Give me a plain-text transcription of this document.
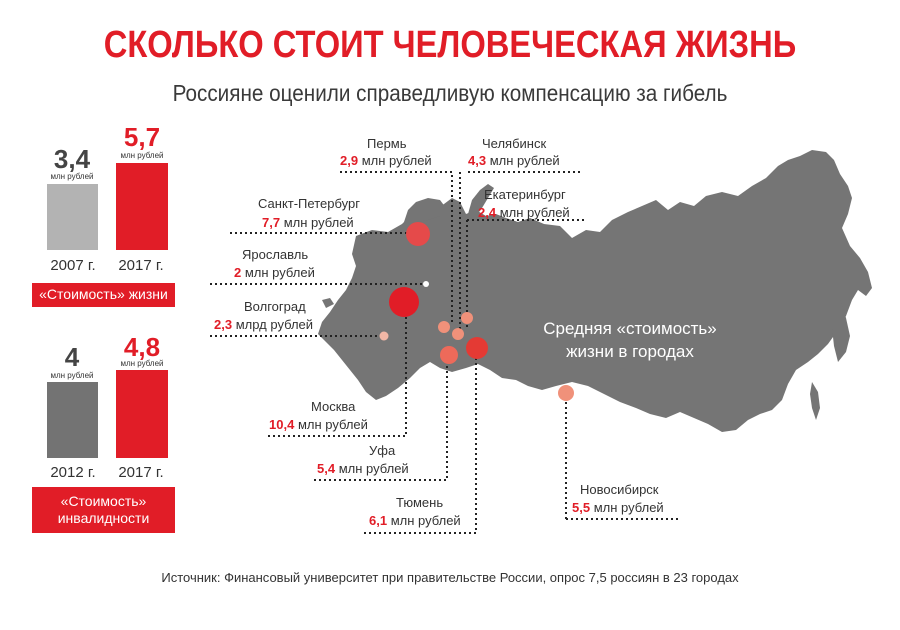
СКОЛЬКО СТОИТ ЧЕЛОВЕЧЕСКАЯ ЖИЗНЬ
Россияне оценили справедливую компенсацию за гибель
3,4
млн рублей
2007 г.
5,7
млн рублей
2017 г.
«Стоимость» жизни
4
млн рублей
2012 г.
4,8
млн рублей
2017 г.
«Стоимость»
инвалидности
Средняя «стоимость»
жизни в городах
Пермь
2,9 млн рублей
Челябинск
4,3 млн рублей
Санкт-Петербург
7,7 млн рублей
Екатеринбург
2,4 млн рублей
Ярославль
2 млн рублей
Волгоград
2,3 млрд рублей
Москва
10,4 млн рублей
Уфа
5,4 млн рублей
Тюмень
6,1 млн рублей
Новосибирск
5,5 млн рублей
Источник: Финансовый университет при правительстве России, опрос 7,5 россиян в 23 городах
